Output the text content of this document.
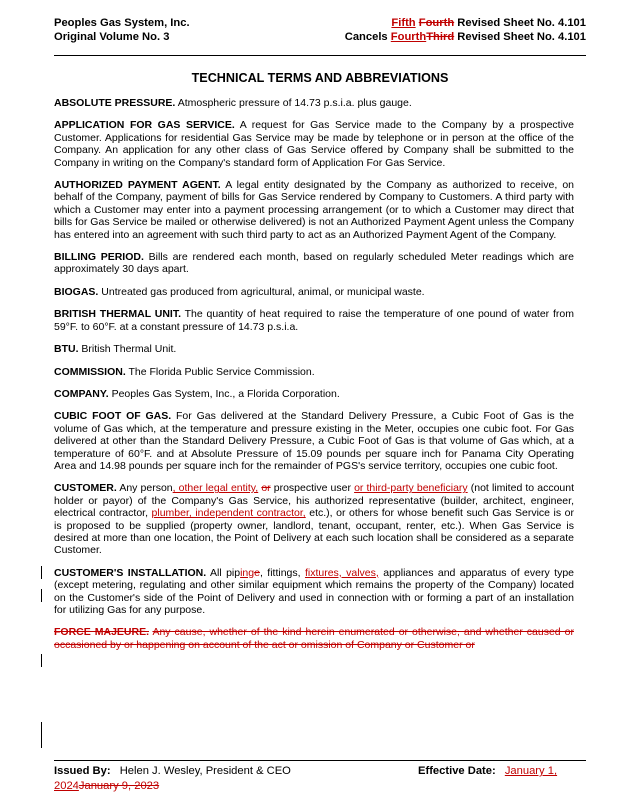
Peoples Gas System, Inc.
Original Volume No. 3
Fifth Fourth Revised Sheet No. 4.101
Cancels FourthThird Revised Sheet No. 4.101
TECHNICAL TERMS AND ABBREVIATIONS

ABSOLUTE PRESSURE. Atmospheric pressure of 14.73 p.s.i.a. plus gauge.

APPLICATION FOR GAS SERVICE. A request for Gas Service made to the Company by a prospective Customer. Applications for residential Gas Service may be made by telephone or in person at the office of the Company. An application for any other class of Gas Service offered by Company shall be submitted to the Company in writing on the Company's standard form of Application For Gas Service.

AUTHORIZED PAYMENT AGENT. A legal entity designated by the Company as authorized to receive, on behalf of the Company, payment of bills for Gas Service rendered by Company to Customers. A third party with which a Customer may enter into a payment processing arrangement (or to which a Customer may direct that bills for Gas Service be mailed or otherwise delivered) is not an Authorized Payment Agent unless the Company has entered into an agreement with such third party to act as an Authorized Payment Agent of the Company.

BILLING PERIOD. Bills are rendered each month, based on regularly scheduled Meter readings which are approximately 30 days apart.

BIOGAS. Untreated gas produced from agricultural, animal, or municipal waste.

BRITISH THERMAL UNIT. The quantity of heat required to raise the temperature of one pound of water from 59°F. to 60°F. at a constant pressure of 14.73 p.s.i.a.

BTU. British Thermal Unit.

COMMISSION. The Florida Public Service Commission.

COMPANY. Peoples Gas System, Inc., a Florida Corporation.

CUBIC FOOT OF GAS. For Gas delivered at the Standard Delivery Pressure, a Cubic Foot of Gas is the volume of Gas which, at the temperature and pressure existing in the Meter, occupies one cubic foot. For Gas delivered at other than the Standard Delivery Pressure, a Cubic Foot of Gas is that volume of Gas which, at a temperature of 60°F. and at Absolute Pressure of 15.09 pounds per square inch for Panama City Operating Area and 14.98 pounds per square inch for the remainder of PGS's service territory, occupies one cubic foot.

CUSTOMER. Any person, other legal entity, or prospective user or third-party beneficiary (not limited to account holder or payor) of the Company's Gas Service, his authorized representative (builder, architect, engineer, electrical contractor, plumber, independent contractor, etc.), or others for whose benefit such Gas Service is or is proposed to be supplied (property owner, landlord, tenant, occupant, renter, etc.). When Gas Service is desired at more than one location, the Point of Delivery at each such location shall be considered as a separate Customer.

CUSTOMER'S INSTALLATION. All pipinge, fittings, fixtures, valves, appliances and apparatus of every type (except metering, regulating and other similar equipment which remains the property of the Company) located on the Customer's side of the Point of Delivery and used in connection with or forming a part of an installation for utilizing Gas for any purpose.

FORCE MAJEURE. Any cause, whether of the kind herein enumerated or otherwise, and whether caused or occasioned by or happening on account of the act or omission of Company or Customer or

Issued By: Helen J. Wesley, President & CEO	Effective Date: January 1,
2024January 9, 2023
